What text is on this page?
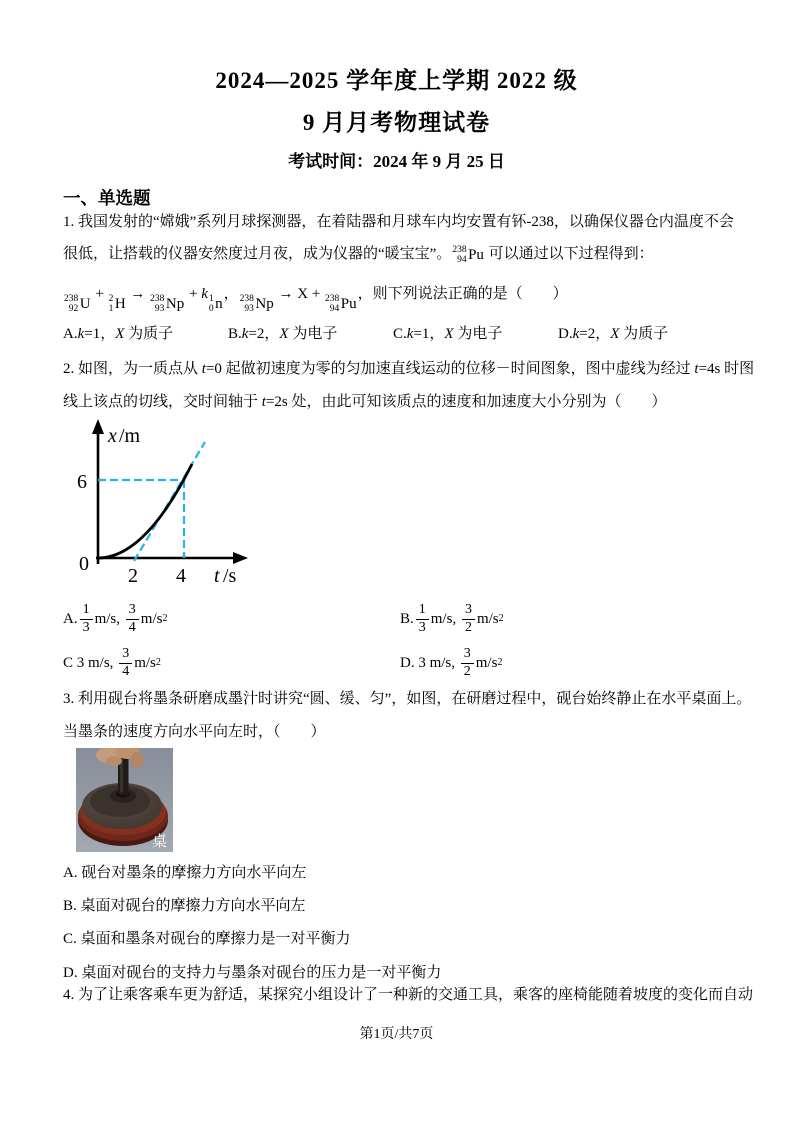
2024—2025 学年度上学期 2022 级
9 月月考物理试卷
考试时间：2024 年 9 月 25 日
一、单选题
1. 我国发射的“嫦娥”系列月球探测器，在着陆器和月球车内均安置有钚-238，以确保仪器仓内温度不会
很低，让搭载的仪器安然度过月夜，成为仪器的“暖宝宝”。 238
94 Pu 可以通过以下过程得到：
238
92 U
+ 2
1 H
→ 238
93 Np
+ k 1
0 n
， 238
93 Np
→ X + 238
94 Pu
，则下列说法正确的是（　　）
A.k=1，X 为质子	B.k=2，X 为电子	C.k=1，X 为电子	D.k=2，X 为质子
2. 如图，为一质点从 t=0 起做初速度为零的匀加速直线运动的位移－时间图象，图中虚线为经过 t=4s 时图
线上该点的切线，交时间轴于 t=2s 处，由此可知该质点的速度和加速度大小分别为（　　）
x /m
6
0
2 4 t /s
A. $\frac{1}{3} m/s$, $\frac{3}{4} m/s$ 2	B. $\frac{1}{3} m/s$, $\frac{3}{2} m/s$ 2
C 3 m/s, $\frac{3}{4} m/s$ 2	D. 3 m/s, $\frac{3}{2} m/s$ 2
3. 利用砚台将墨条研磨成墨汁时讲究“圆、缓、匀”，如图，在研磨过程中，砚台始终静止在水平桌面上。
当墨条的速度方向水平向左时，（　　）
桌
A. 砚台对墨条的摩擦力方向水平向左
B. 桌面对砚台的摩擦力方向水平向左
C. 桌面和墨条对砚台的摩擦力是一对平衡力
D. 桌面对砚台的支持力与墨条对砚台的压力是一对平衡力
4. 为了让乘客乘车更为舒适，某探究小组设计了一种新的交通工具，乘客的座椅能随着坡度的变化而自动
第1页/共7页
